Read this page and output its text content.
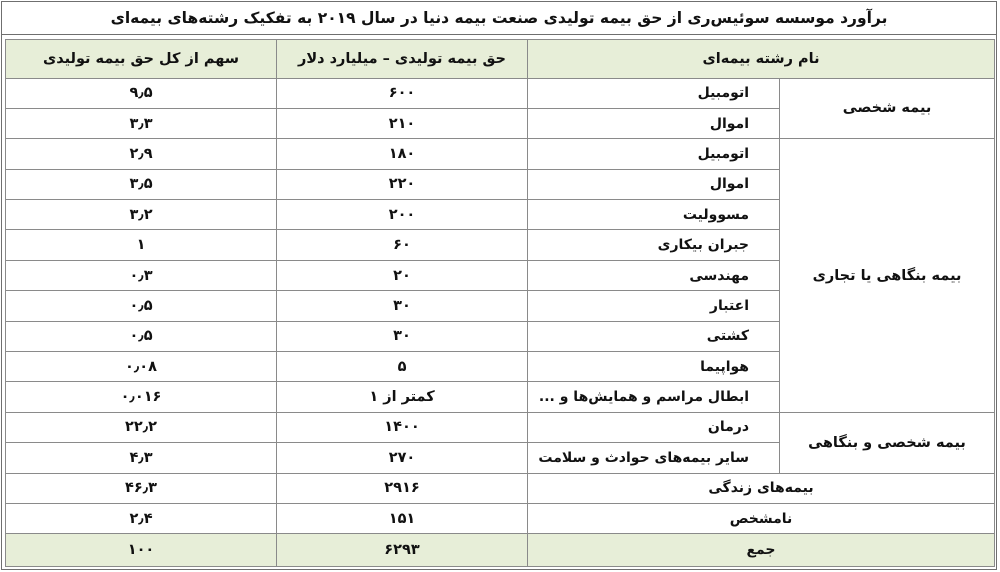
برآورد موسسه سوئیس‌ری از حق بیمه تولیدی صنعت بیمه دنیا در سال ۲۰۱۹ به تفکیک رشته‌های بیمه‌ای
نام رشته بیمه‌ای		حق بیمه تولیدی – میلیارد دلار	سهم از کل حق بیمه تولیدی
بیمه شخصی	اتومبیل	۶۰۰	۹٫۵
	اموال	۲۱۰	۳٫۳
بیمه بنگاهی یا تجاری	اتومبیل	۱۸۰	۲٫۹
	اموال	۲۲۰	۳٫۵
	مسوولیت	۲۰۰	۳٫۲
	جبران بیکاری	۶۰	۱
	مهندسی	۲۰	۰٫۳
	اعتبار	۳۰	۰٫۵
	کشتی	۳۰	۰٫۵
	هواپیما	۵	۰٫۰۸
	ابطال مراسم و همایش‌ها و ...	کمتر از ۱	۰٫۰۱۶
بیمه شخصی و بنگاهی	درمان	۱۴۰۰	۲۲٫۲
	سایر بیمه‌های حوادث و سلامت	۲۷۰	۴٫۳
بیمه‌های زندگی		۲۹۱۶	۴۶٫۳
نامشخص		۱۵۱	۲٫۴
جمع		۶۲۹۳	۱۰۰
